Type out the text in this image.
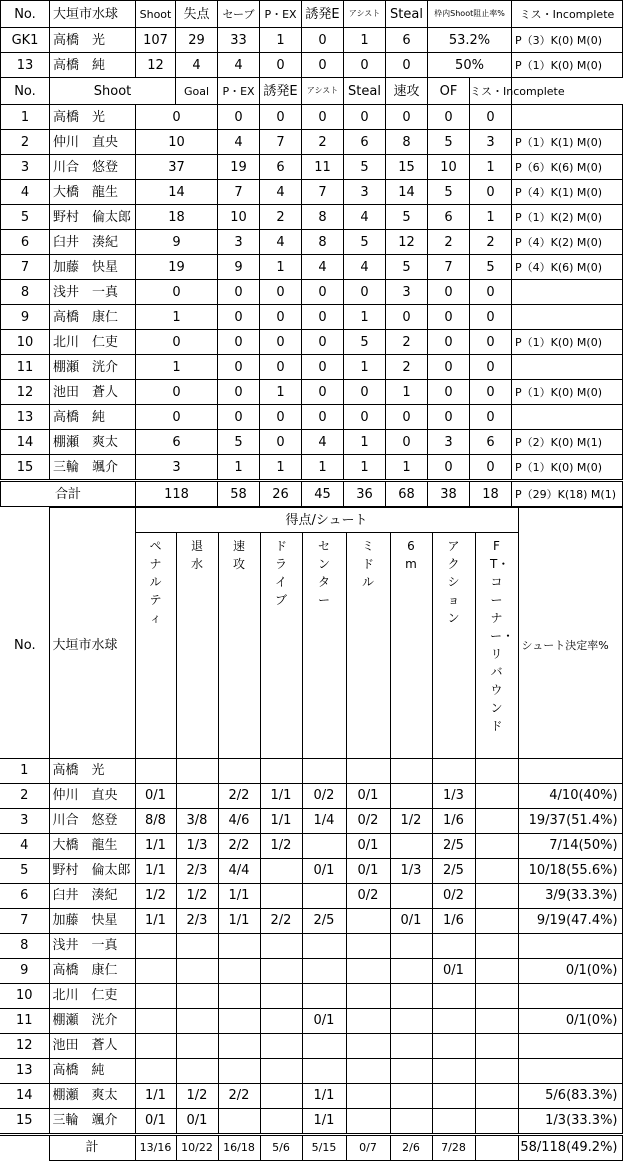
No.	大垣市水球	Shoot	失点	セーブ	P・EX	誘発E	アシスト	Steal	枠内Shoot阻止率%		ミス・Incomplete
GK1	高橋　光	107	29	33	1	0	1	6	53.2%		P（3）K(0) M(0)
13	高橋　純	12	4	4	0	0	0	0	50%		P（1）K(0) M(0)
No.	Shoot		Goal	P・EX	誘発E	アシスト	Steal	速攻	OF	ミス・Incomplete	
1	高橋　光	0		0	0	0	0	0	0	0	
2	仲川　直央	10		4	7	2	6	8	5	3	P（1）K(1) M(0)
3	川合　悠登	37		19	6	11	5	15	10	1	P（6）K(6) M(0)
4	大橋　龍生	14		7	4	7	3	14	5	0	P（4）K(1) M(0)
5	野村　倫太郎	18		10	2	8	4	5	6	1	P（1）K(2) M(0)
6	臼井　湊紀	9		3	4	8	5	12	2	2	P（4）K(2) M(0)
7	加藤　快星	19		9	1	4	4	5	7	5	P（4）K(6) M(0)
8	浅井　一真	0		0	0	0	0	3	0	0	
9	高橋　康仁	1		0	0	0	1	0	0	0	
10	北川　仁吏	0		0	0	0	5	2	0	0	P（1）K(0) M(0)
11	棚瀬　洸介	1		0	0	0	1	2	0	0	
12	池田　蒼人	0		0	1	0	0	1	0	0	P（1）K(0) M(0)
13	高橋　純	0		0	0	0	0	0	0	0	
14	棚瀬　爽太	6		5	0	4	1	0	3	6	P（2）K(0) M(1)
15	三輪　颯介	3		1	1	1	1	1	0	0	P（1）K(0) M(0)
合計		118		58	26	45	36	68	38	18	P（29）K(18) M(1)
		得点/シュート									
No.	大垣市水球	ペナルティ	退水	速攻	ドライブ	センター	ミドル	6m	アクション	FT・コーナー・リバウンド	シュート決定率%
1	高橋　光										
2	仲川　直央	0/1		2/2	1/1	0/2	0/1		1/3		4/10(40%)
3	川合　悠登	8/8	3/8	4/6	1/1	1/4	0/2	1/2	1/6		19/37(51.4%)
4	大橋　龍生	1/1	1/3	2/2	1/2		0/1		2/5		7/14(50%)
5	野村　倫太郎	1/1	2/3	4/4		0/1	0/1	1/3	2/5		10/18(55.6%)
6	臼井　湊紀	1/2	1/2	1/1			0/2		0/2		3/9(33.3%)
7	加藤　快星	1/1	2/3	1/1	2/2	2/5		0/1	1/6		9/19(47.4%)
8	浅井　一真										
9	高橋　康仁								0/1		0/1(0%)
10	北川　仁吏										
11	棚瀬　洸介					0/1					0/1(0%)
12	池田　蒼人										
13	高橋　純										
14	棚瀬　爽太	1/1	1/2	2/2		1/1					5/6(83.3%)
15	三輪　颯介	0/1	0/1			1/1					1/3(33.3%)
	計	13/16	10/22	16/18	5/6	5/15	0/7	2/6	7/28		58/118(49.2%)
